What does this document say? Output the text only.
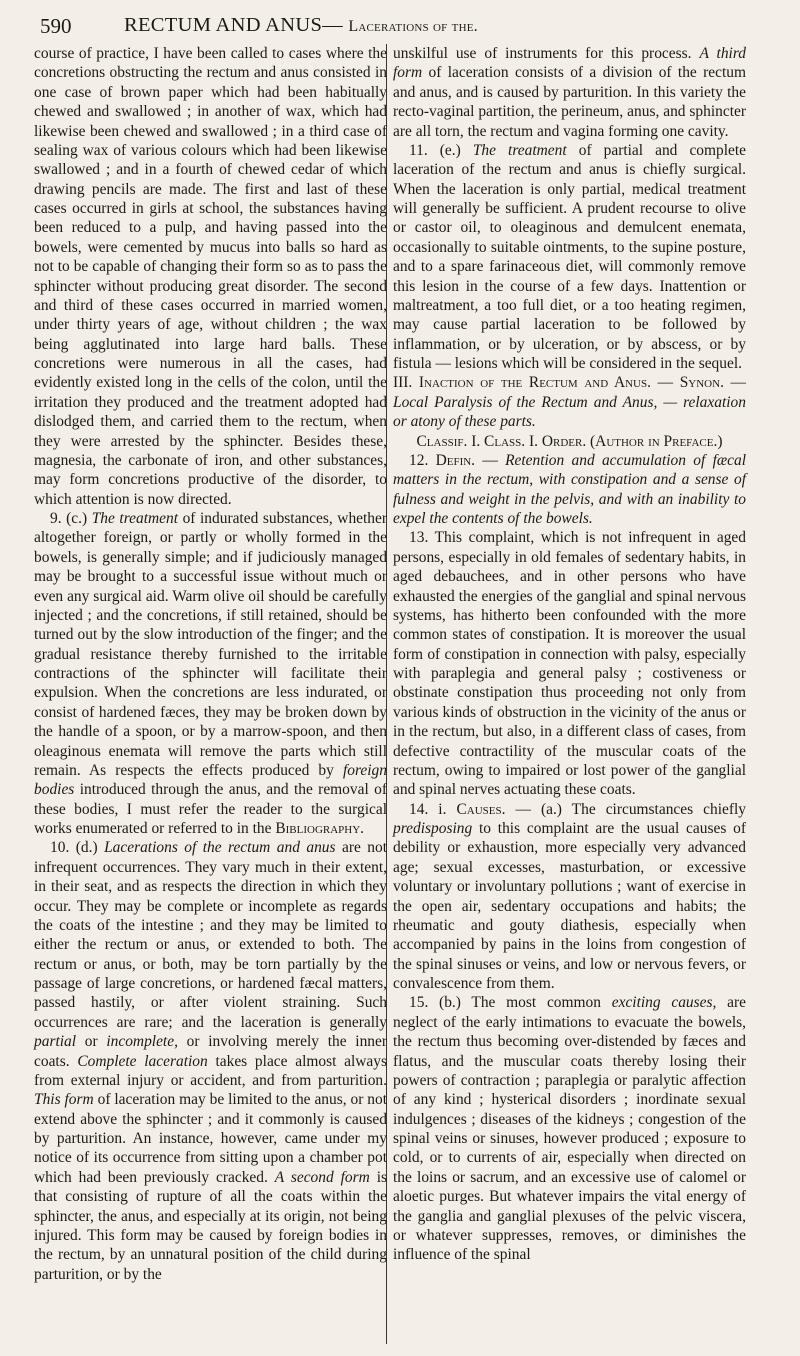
590	RECTUM AND ANUS— Lacerations of the.

course of practice, I have been called to cases where the concretions obstructing the rectum and anus consisted in one case of brown paper which had been habitually chewed and swallowed ; in another of wax, which had likewise been chewed and swallowed ; in a third case of sealing wax of various colours which had been likewise swallowed ; and in a fourth of chewed cedar of which drawing pencils are made. The first and last of these cases occurred in girls at school, the substances having been reduced to a pulp, and having passed into the bowels, were cemented by mucus into balls so hard as not to be capable of changing their form so as to pass the sphincter without producing great disorder. The second and third of these cases occurred in married women, under thirty years of age, without children ; the wax being agglutinated into large hard balls. These concretions were numerous in all the cases, had evidently existed long in the cells of the colon, until the irritation they produced and the treatment adopted had dislodged them, and carried them to the rectum, when they were arrested by the sphincter. Besides these, magnesia, the carbonate of iron, and other substances, may form concretions productive of the disorder, to which attention is now directed.

9. (c.) The treatment of indurated substances, whether altogether foreign, or partly or wholly formed in the bowels, is generally simple; and if judiciously managed may be brought to a successful issue without much or even any surgical aid. Warm olive oil should be carefully injected ; and the concretions, if still retained, should be turned out by the slow introduction of the finger; and the gradual resistance thereby furnished to the irritable contractions of the sphincter will facilitate their expulsion. When the concretions are less indurated, or consist of hardened fæces, they may be broken down by the handle of a spoon, or by a marrow-spoon, and then oleaginous enemata will remove the parts which still remain. As respects the effects produced by foreign bodies introduced through the anus, and the removal of these bodies, I must refer the reader to the surgical works enumerated or referred to in the Bibliography.

10. (d.) Lacerations of the rectum and anus are not infrequent occurrences. They vary much in their extent, in their seat, and as respects the direction in which they occur. They may be complete or incomplete as regards the coats of the intestine ; and they may be limited to either the rectum or anus, or extended to both. The rectum or anus, or both, may be torn partially by the passage of large concretions, or hardened fæcal matters, passed hastily, or after violent straining. Such occurrences are rare; and the laceration is generally partial or incomplete, or involving merely the inner coats. Complete laceration takes place almost always from external injury or accident, and from parturition. This form of laceration may be limited to the anus, or not extend above the sphincter ; and it commonly is caused by parturition. An instance, however, came under my notice of its occurrence from sitting upon a chamber pot which had been previously cracked. A second form is that consisting of rupture of all the coats within the sphincter, the anus, and especially at its origin, not being injured. This form may be caused by foreign bodies in the rectum, by an unnatural position of the child during parturition, or by the

unskilful use of instruments for this process. A third form of laceration consists of a division of the rectum and anus, and is caused by parturition. In this variety the recto-vaginal partition, the perineum, anus, and sphincter are all torn, the rectum and vagina forming one cavity.

11. (e.) The treatment of partial and complete laceration of the rectum and anus is chiefly surgical. When the laceration is only partial, medical treatment will generally be sufficient. A prudent recourse to olive or castor oil, to oleaginous and demulcent enemata, occasionally to suitable ointments, to the supine posture, and to a spare farinaceous diet, will commonly remove this lesion in the course of a few days. Inattention or maltreatment, a too full diet, or a too heating regimen, may cause partial laceration to be followed by inflammation, or by ulceration, or by abscess, or by fistula — lesions which will be considered in the sequel.

III. Inaction of the Rectum and Anus. — Synon. — Local Paralysis of the Rectum and Anus, — relaxation or atony of these parts.

Classif. I. Class. I. Order. (Author in Preface.)

12. Defin. — Retention and accumulation of fæcal matters in the rectum, with constipation and a sense of fulness and weight in the pelvis, and with an inability to expel the contents of the bowels.

13. This complaint, which is not infrequent in aged persons, especially in old females of sedentary habits, in aged debauchees, and in other persons who have exhausted the energies of the ganglial and spinal nervous systems, has hitherto been confounded with the more common states of constipation. It is moreover the usual form of constipation in connection with palsy, especially with paraplegia and general palsy ; costiveness or obstinate constipation thus proceeding not only from various kinds of obstruction in the vicinity of the anus or in the rectum, but also, in a different class of cases, from defective contractility of the muscular coats of the rectum, owing to impaired or lost power of the ganglial and spinal nerves actuating these coats.

14. i. Causes. — (a.) The circumstances chiefly predisposing to this complaint are the usual causes of debility or exhaustion, more especially very advanced age; sexual excesses, masturbation, or excessive voluntary or involuntary pollutions ; want of exercise in the open air, sedentary occupations and habits; the rheumatic and gouty diathesis, especially when accompanied by pains in the loins from congestion of the spinal sinuses or veins, and low or nervous fevers, or convalescence from them.

15. (b.) The most common exciting causes, are neglect of the early intimations to evacuate the bowels, the rectum thus becoming over-distended by fæces and flatus, and the muscular coats thereby losing their powers of contraction ; paraplegia or paralytic affection of any kind ; hysterical disorders ; inordinate sexual indulgences ; diseases of the kidneys ; congestion of the spinal veins or sinuses, however produced ; exposure to cold, or to currents of air, especially when directed on the loins or sacrum, and an excessive use of calomel or aloetic purges. But whatever impairs the vital energy of the ganglia and ganglial plexuses of the pelvic viscera, or whatever suppresses, removes, or diminishes the influence of the spinal
